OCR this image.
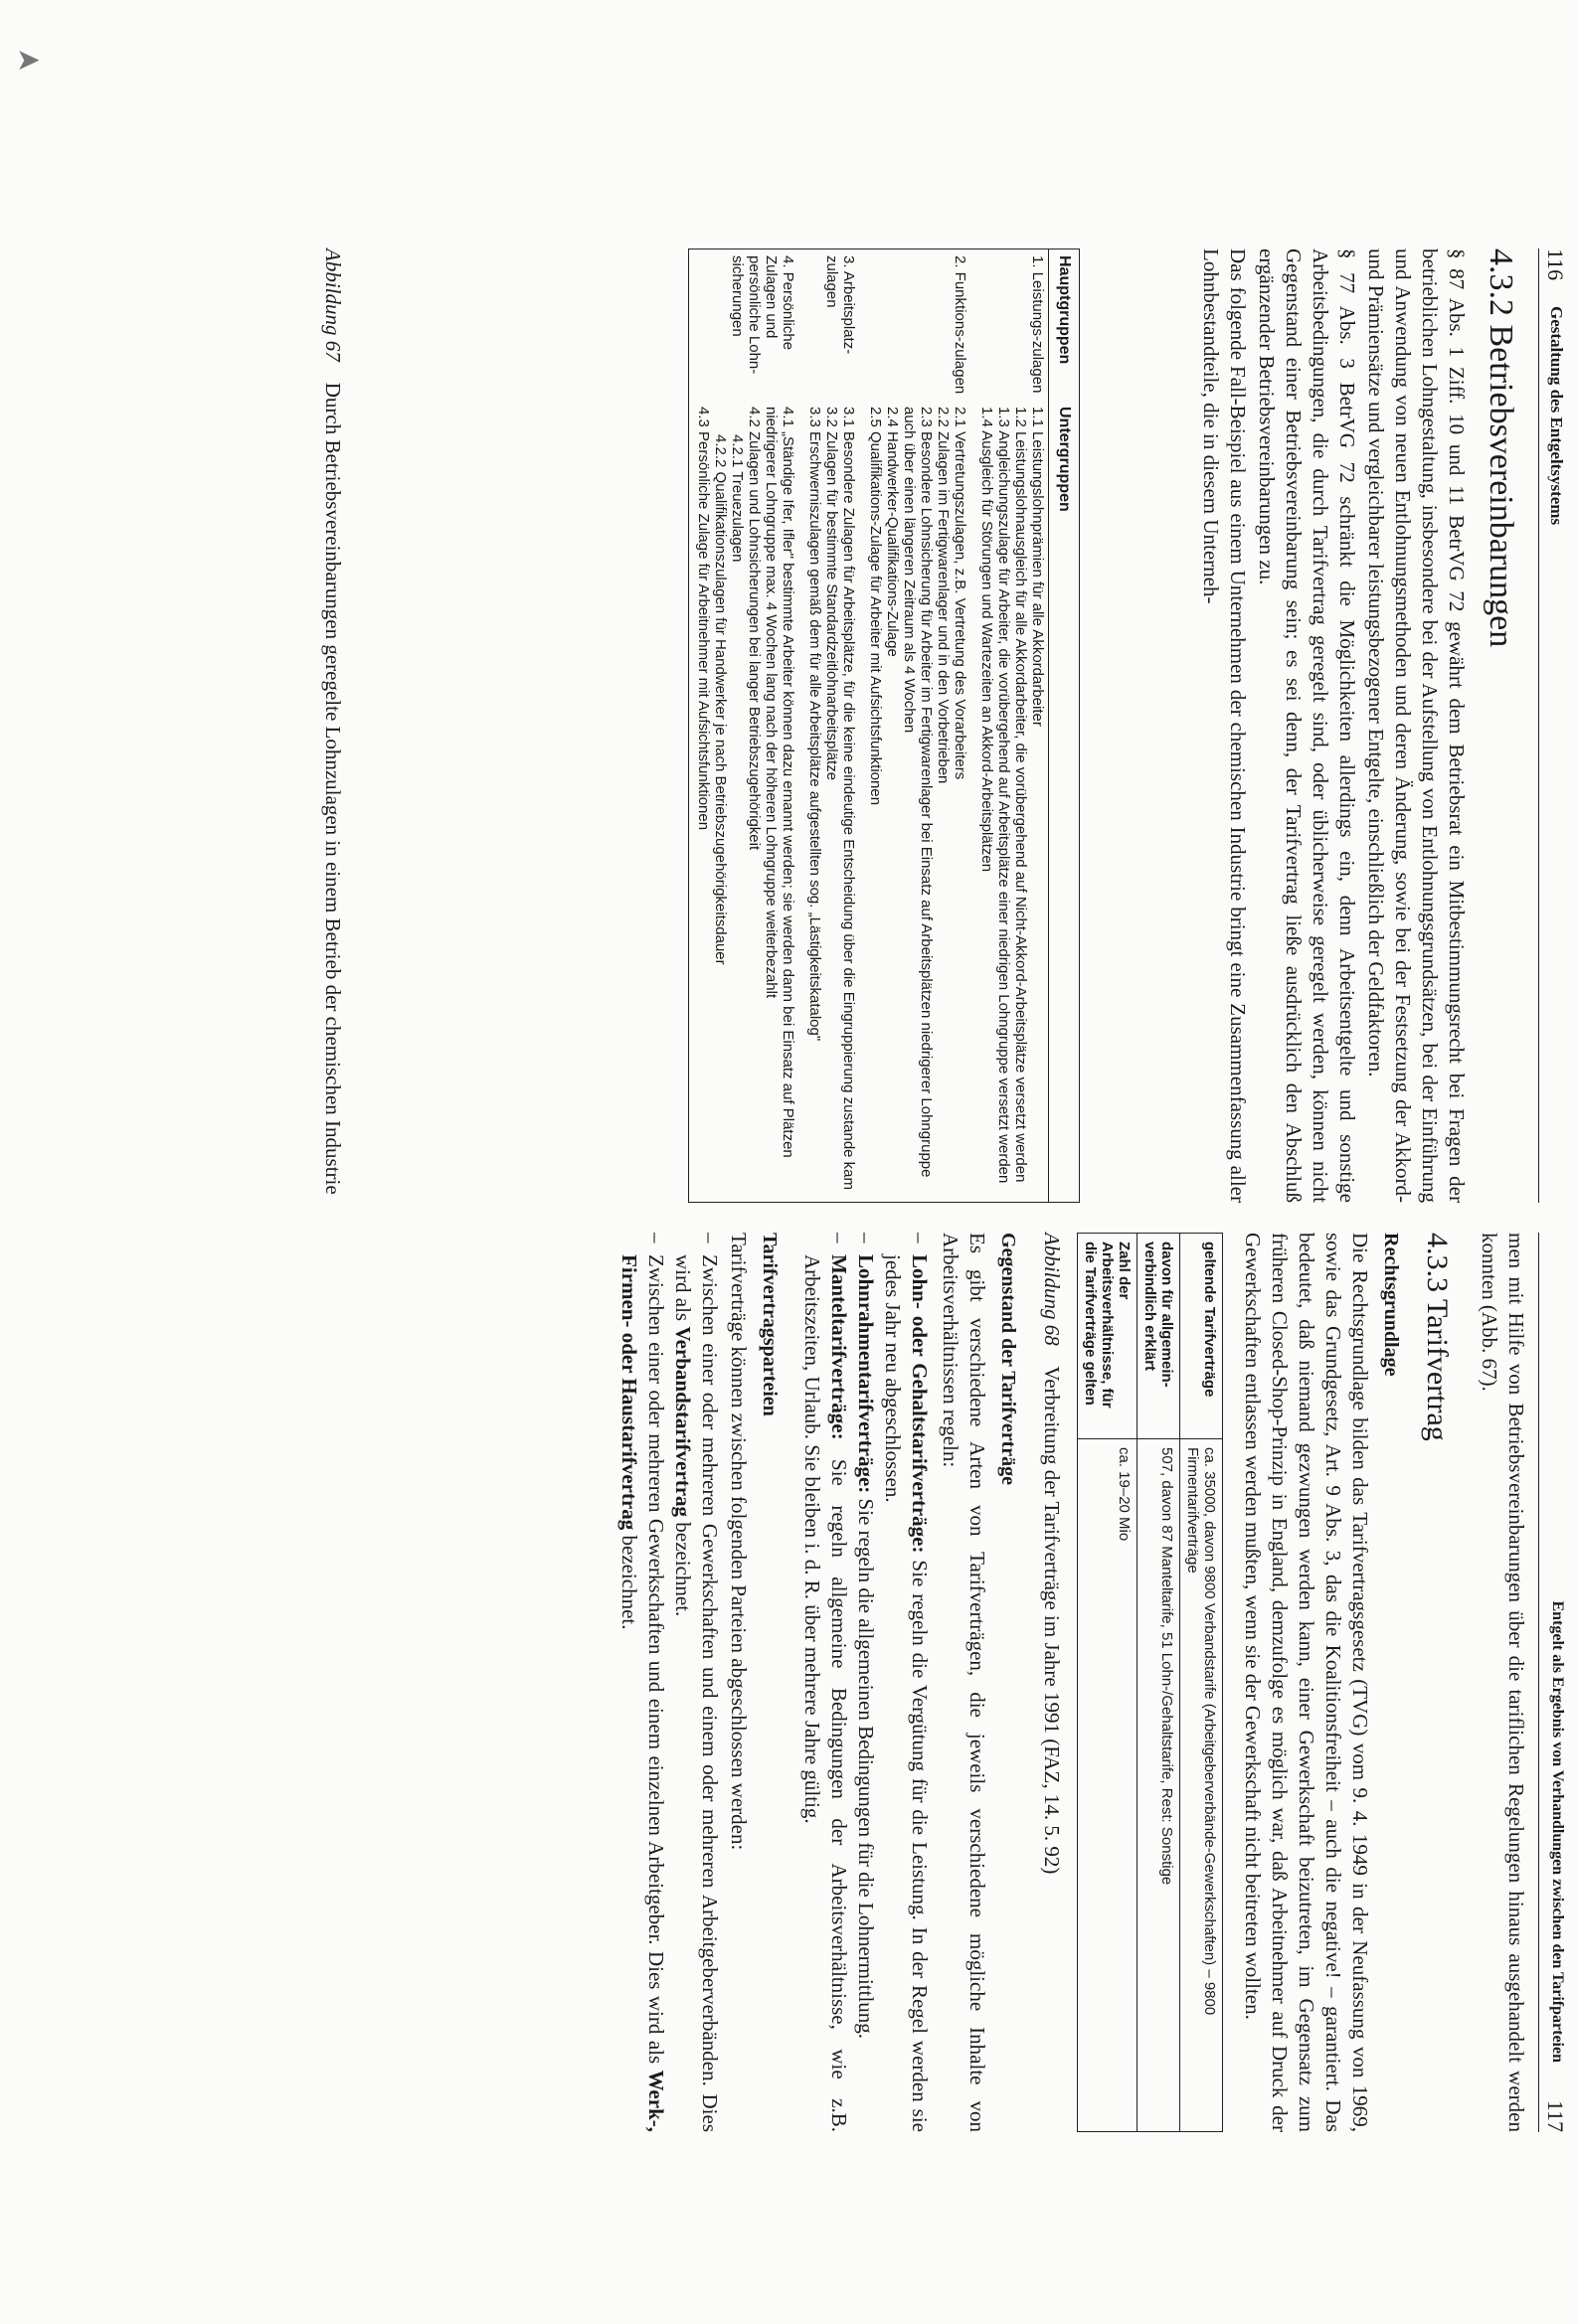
➤
116
Gestaltung des Entgeltsystems
4.3.2 Betriebsvereinbarungen

§ 87 Abs. 1 Ziff. 10 und 11 BetrVG 72 gewährt dem Betriebsrat ein Mitbestimmungsrecht bei Fragen der betrieblichen Lohngestaltung, insbesondere bei der Aufstellung von Entlohnungsgrundsätzen, bei der Einführung und Anwendung von neuen Entlohnungsmethoden und deren Änderung, sowie bei der Festsetzung der Akkord- und Prämiensätze und vergleichbarer leistungsbezogener Entgelte, einschließlich der Geldfaktoren.

§ 77 Abs. 3 BetrVG 72 schränkt die Möglichkeiten allerdings ein, denn Arbeitsentgelte und sonstige Arbeitsbedingungen, die durch Tarifvertrag geregelt sind, oder üblicherweise geregelt werden, können nicht Gegenstand einer Betriebsvereinbarung sein; es sei denn, der Tarifvertrag ließe ausdrücklich den Abschluß ergänzender Betriebsvereinbarungen zu.

Das folgende Fall-Beispiel aus einem Unternehmen der chemischen Industrie bringt eine Zusammenfassung aller Lohnbestandteile, die in diesem Unterneh-

Hauptgruppen	Untergruppen
1. Leistungs-zulagen	1.1 Leistungslohnprämien für alle Akkordarbeiter
1.2 Leistungslohnausgleich für alle Akkordarbeiter, die vorübergehend auf Nicht-Akkord-Arbeitsplätze versetzt werden
1.3 Angleichungszulage für Arbeiter, die vorübergehend auf Arbeitsplätze einer niedrigen Lohngruppe versetzt werden
1.4 Ausgleich für Störungen und Wartezeiten an Akkord-Arbeitsplätzen

2. Funktions-zulagen	2.1 Vertretungszulagen, z.B. Vertretung des Vorarbeiters
2.2 Zulagen im Fertigwarenlager und in den Vorbetrieben
2.3 Besondere Lohnsicherung für Arbeiter im Fertigwarenlager bei Einsatz auf Arbeitsplätzen niedrigerer Lohngruppe auch über einen längeren Zeitraum als 4 Wochen
2.4 Handwerker-Qualifikations-Zulage
2.5 Qualifikations-Zulage für Arbeiter mit Aufsichtsfunktionen

3. Arbeitsplatz-zulagen	3.1 Besondere Zulagen für Arbeitsplätze, für die keine eindeutige Entscheidung über die Eingruppierung zustande kam
3.2 Zulagen für bestimmte Standardzeitlohnarbeitsplätze
3.3 Erschwerniszulagen gemäß dem für alle Arbeitsplätze aufgestellten sog. „Lästigkeitskatalog"

4. Persönliche Zulagen und persönliche Lohn-sicherungen	4.1 „Ständige Ifer, Ifler" bestimmte Arbeiter können dazu ernannt werden; sie werden dann bei Einsatz auf Plätzen niedrigerer Lohngruppe max. 4 Wochen lang nach der höheren Lohngruppe weiterbezahlt
4.2 Zulagen und Lohnsicherungen bei langer Betriebszugehörigkeit
4.2.1 Treuezulagen
4.2.2 Qualifikationszulagen für Handwerker je nach Betriebszugehörigkeitsdauer
4.3 Persönliche Zulage für Arbeitnehmer mit Aufsichtsfunktionen
Abbildung 67    Durch Betriebsvereinbarungen geregelte Lohnzulagen in einem Betrieb der chemischen Industrie
Entgelt als Ergebnis von Verhandlungen zwischen den Tarifparteien
117

men mit Hilfe von Betriebsvereinbarungen über die tariflichen Regelungen hinaus ausgehandelt werden konnten (Abb. 67).

4.3.3 Tarifvertrag
Rechtsgrundlage

Die Rechtsgrundlage bilden das Tarifvertragsgesetz (TVG) vom 9. 4. 1949 in der Neufassung von 1969, sowie das Grundgesetz, Art. 9 Abs. 3, das die Koalitionsfreiheit – auch die negative! – garantiert. Das bedeutet, daß niemand gezwungen werden kann, einer Gewerkschaft beizutreten, im Gegensatz zum früheren Closed-Shop-Prinzip in England, demzufolge es möglich war, daß Arbeitnehmer auf Druck der Gewerkschaften entlassen werden mußten, wenn sie der Gewerkschaft nicht beitreten wollten.

geltende Tarifverträge	ca. 35000, davon 9800 Verbandstarife (Arbeitgeberverbände-Gewerkschaften) – 9800 Firmentarifverträge
davon für allgemein-verbindlich erklärt	507, davon 87 Manteltarife, 51 Lohn-/Gehaltstarife, Rest: Sonstige
Zahl der Arbeitsverhältnisse, für die Tarifverträge gelten	ca. 19–20 Mio
Abbildung 68    Verbreitung der Tarifverträge im Jahre 1991 (FAZ, 14. 5. 92)
Gegenstand der Tarifverträge

Es gibt verschiedene Arten von Tarifverträgen, die jeweils verschiedene mögliche Inhalte von Arbeitsverhältnissen regeln:

– Lohn- oder Gehaltstarifverträge: Sie regeln die Vergütung für die Leistung. In der Regel werden sie jedes Jahr neu abgeschlossen.
– Lohnrahmentarifverträge: Sie regeln die allgemeinen Bedingungen für die Lohnermittlung.
– Manteltarifverträge: Sie regeln allgemeine Bedingungen der Arbeitsverhältnisse, wie z.B. Arbeitszeiten, Urlaub. Sie bleiben i. d. R. über mehrere Jahre gültig.
Tarifvertragsparteien

Tarifverträge können zwischen folgenden Parteien abgeschlossen werden:

– Zwischen einer oder mehreren Gewerkschaften und einem oder mehreren Arbeitgeberverbänden. Dies wird als Verbandstarifvertrag bezeichnet.
– Zwischen einer oder mehreren Gewerkschaften und einem einzelnen Arbeitgeber. Dies wird als Werk-, Firmen- oder Haustarifvertrag bezeichnet.
